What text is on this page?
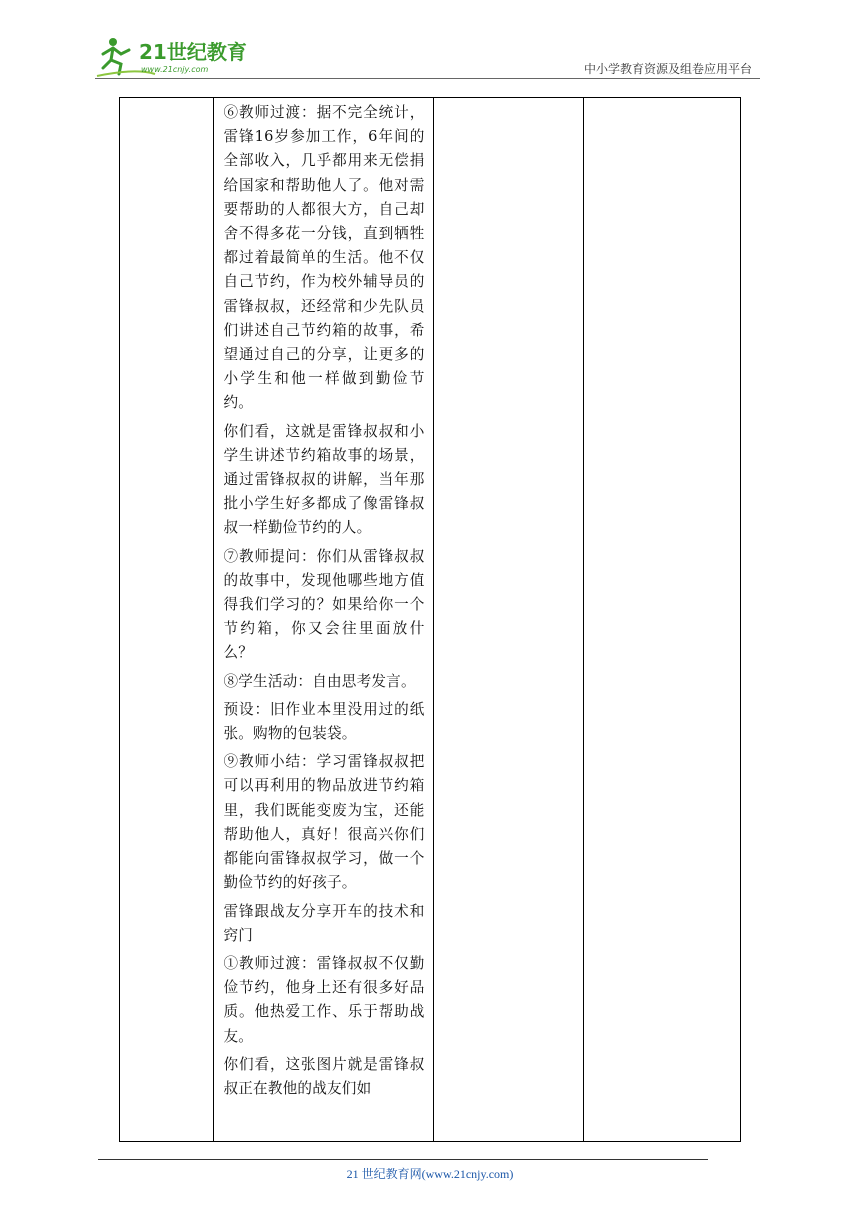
21世纪教育
www.21cnjy.com	中小学教育资源及组卷应用平台

⑥教师过渡：据不完全统计，雷锋16岁参加工作，6年间的全部收入，几乎都用来无偿捐给国家和帮助他人了。他对需要帮助的人都很大方，自己却舍不得多花一分钱，直到牺牲都过着最简单的生活。他不仅自己节约，作为校外辅导员的雷锋叔叔，还经常和少先队员们讲述自己节约箱的故事，希望通过自己的分享，让更多的小学生和他一样做到勤俭节约。

你们看，这就是雷锋叔叔和小学生讲述节约箱故事的场景，通过雷锋叔叔的讲解，当年那批小学生好多都成了像雷锋叔叔一样勤俭节约的人。

⑦教师提问：你们从雷锋叔叔的故事中，发现他哪些地方值得我们学习的？如果给你一个节约箱，你又会往里面放什么？

⑧学生活动：自由思考发言。

预设：旧作业本里没用过的纸张。购物的包装袋。

⑨教师小结：学习雷锋叔叔把可以再利用的物品放进节约箱里，我们既能变废为宝，还能帮助他人，真好！很高兴你们都能向雷锋叔叔学习，做一个勤俭节约的好孩子。

雷锋跟战友分享开车的技术和窍门

①教师过渡：雷锋叔叔不仅勤俭节约，他身上还有很多好品质。他热爱工作、乐于帮助战友。

你们看，这张图片就是雷锋叔叔正在教他的战友们如

21 世纪教育网(www.21cnjy.com)
